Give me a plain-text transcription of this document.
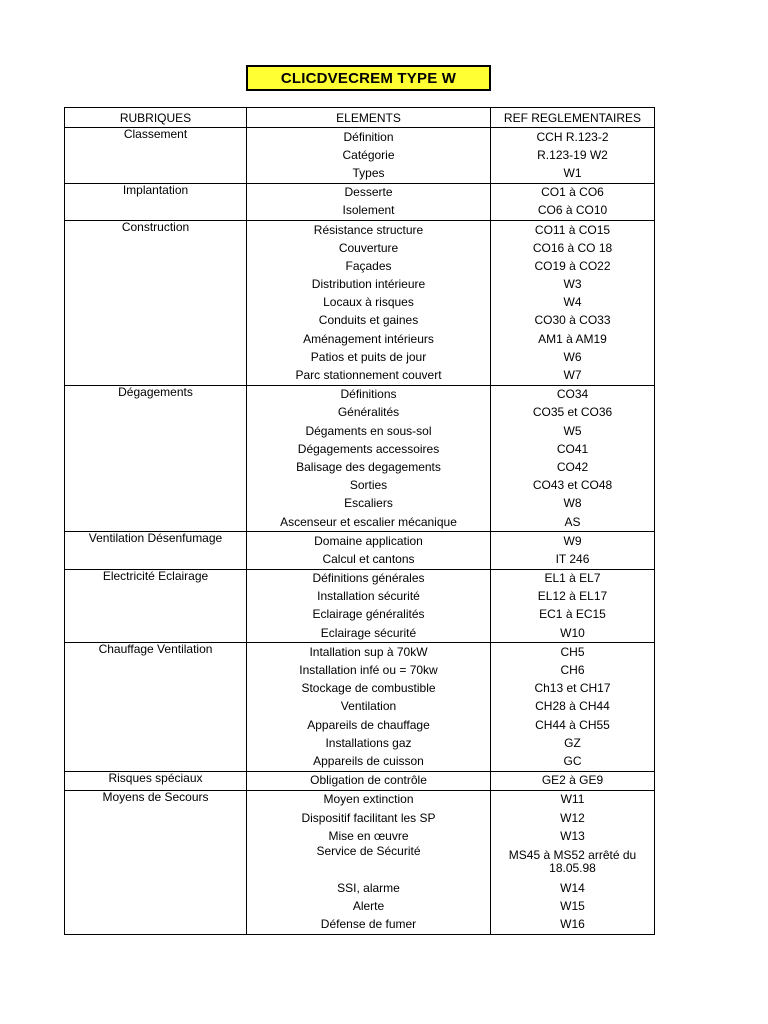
CLICDVECREM TYPE W
RUBRIQUES	ELEMENTS	REF REGLEMENTAIRES
Classement	Définition	CCH R.123-2
	Catégorie	R.123-19 W2
	Types	W1
Implantation	Desserte	CO1 à CO6
	Isolement	CO6 à CO10
Construction	Résistance structure	CO11 à CO15
	Couverture	CO16 à CO 18
	Façades	CO19 à CO22
	Distribution intérieure	W3
	Locaux à risques	W4
	Conduits et gaines	CO30 à CO33
	Aménagement intérieurs	AM1 à AM19
	Patios et puits de jour	W6
	Parc stationnement couvert	W7
Dégagements	Définitions	CO34
	Généralités	CO35 et CO36
	Dégaments en sous-sol	W5
	Dégagements accessoires	CO41
	Balisage des degagements	CO42
	Sorties	CO43 et CO48
	Escaliers	W8
	Ascenseur et escalier mécanique	AS
Ventilation Désenfumage	Domaine application	W9
	Calcul et cantons	IT 246
Electricité Eclairage	Définitions générales	EL1 à EL7
	Installation sécurité	EL12 à EL17
	Eclairage généralités	EC1 à EC15
	Eclairage sécurité	W10
Chauffage Ventilation	Intallation sup à 70kW	CH5
	Installation infé ou = 70kw	CH6
	Stockage de combustible	Ch13 et CH17
	Ventilation	CH28 à CH44
	Appareils de chauffage	CH44 à CH55
	Installations gaz	GZ
	Appareils de cuisson	GC
Risques spéciaux	Obligation de contrôle	GE2 à GE9
Moyens de Secours	Moyen extinction	W11
	Dispositif facilitant les SP	W12
	Mise en œuvre	W13
	Service de Sécurité	MS45 à MS52 arrêté du 18.05.98
	SSI, alarme	W14
	Alerte	W15
	Défense de fumer	W16
